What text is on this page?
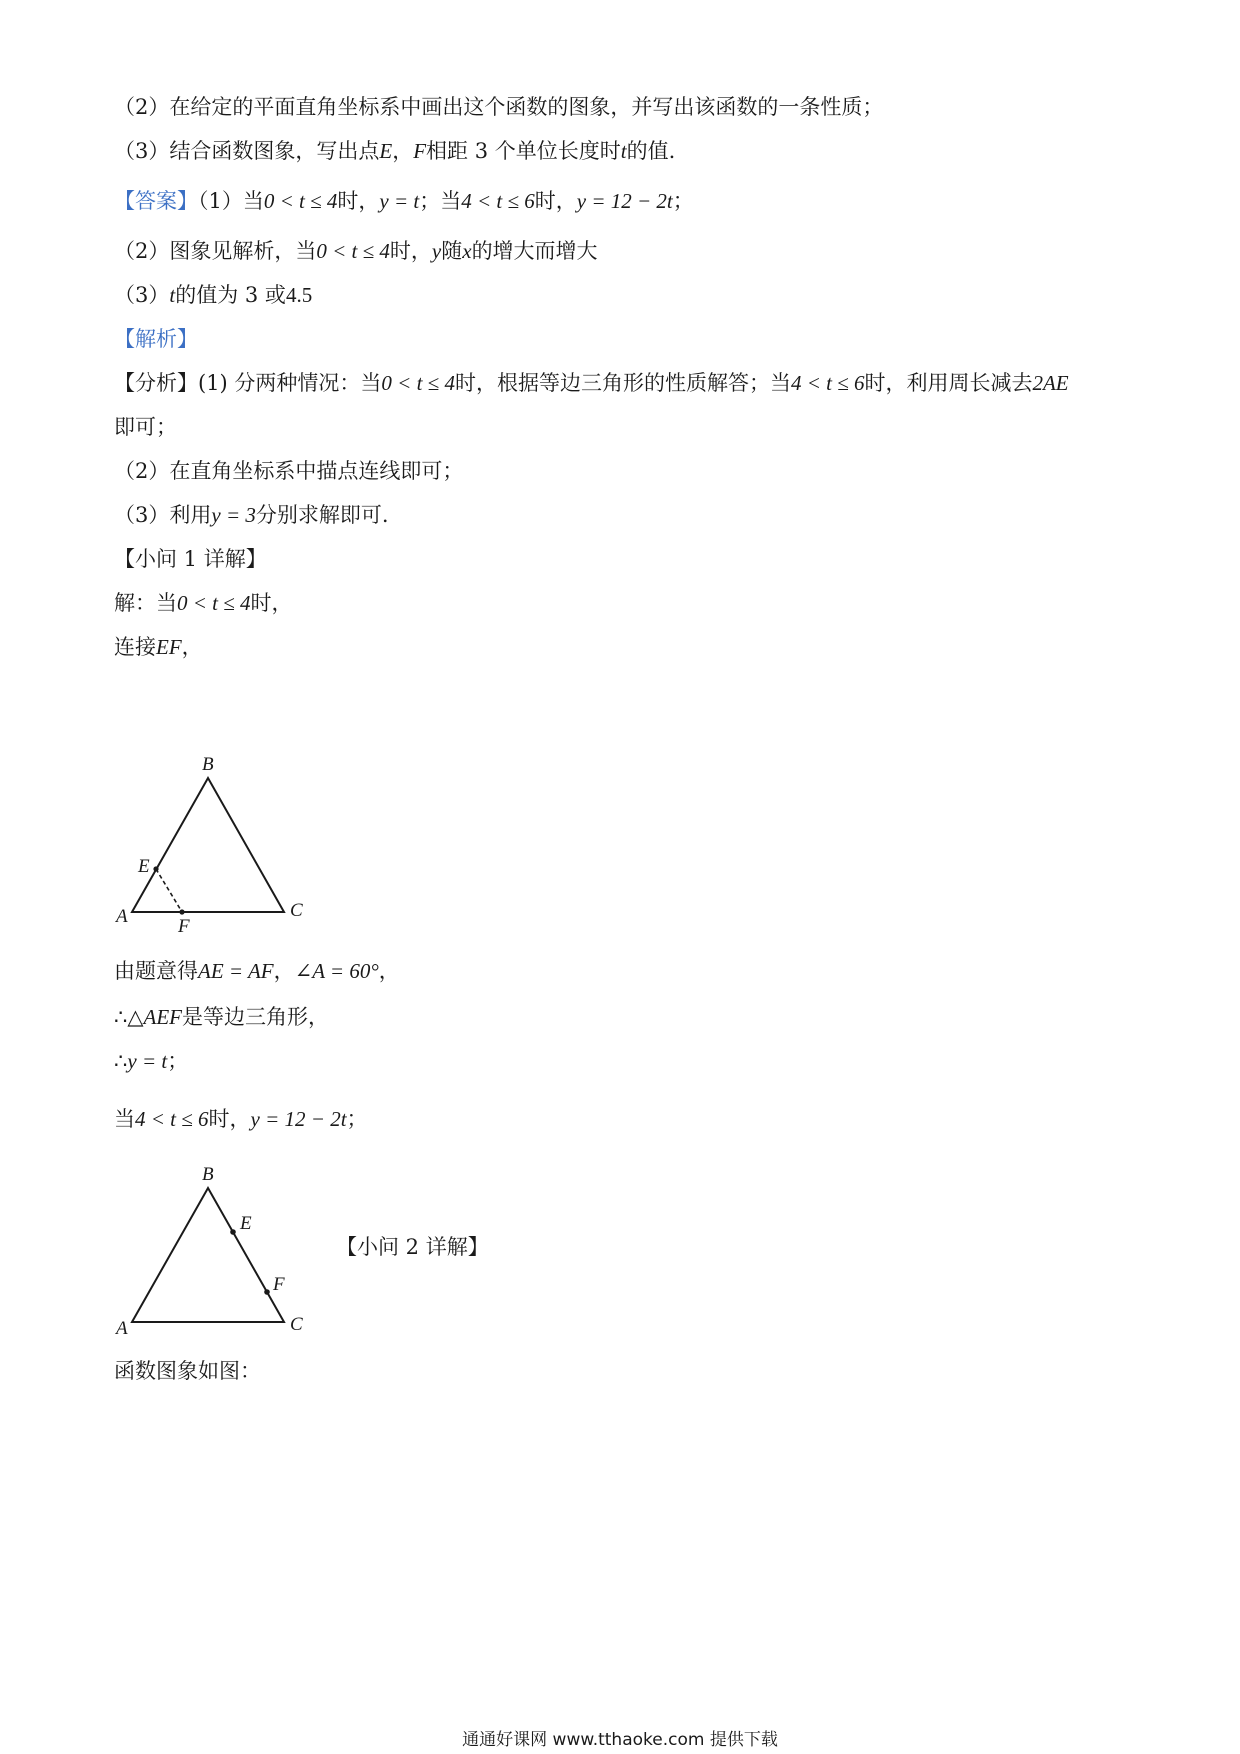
（2）在给定的平面直角坐标系中画出这个函数的图象，并写出该函数的一条性质；
（3）结合函数图象，写出点E，F相距 3 个单位长度时t的值.
【答案】（1）当0 < t ≤ 4时，y = t；当4 < t ≤ 6时，y = 12 − 2t；
（2）图象见解析，当0 < t ≤ 4时，y随x的增大而增大
（3）t的值为 3 或4.5
【解析】
【分析】(1) 分两种情况：当0 < t ≤ 4时，根据等边三角形的性质解答；当4 < t ≤ 6时，利用周长减去2AE
即可；
（2）在直角坐标系中描点连线即可；
（3）利用y = 3分别求解即可.
【小问 1 详解】
解：当0 < t ≤ 4时，
连接EF，
B
E
A	F
C
由题意得AE = AF，∠A = 60°，
∴△AEF是等边三角形，
∴y = t；
当4 < t ≤ 6时，y = 12 − 2t；
B
E
F
A	C
【小问 2 详解】
函数图象如图：
通通好课网 www.tthaoke.com 提供下载
